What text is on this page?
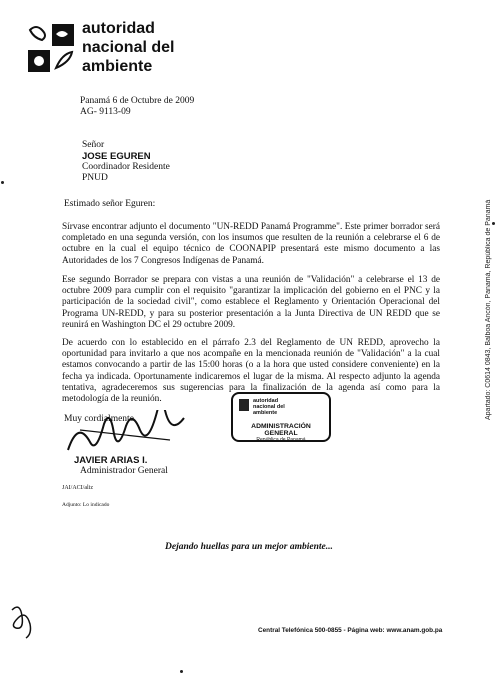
autoridad
nacional del
ambiente
Apartado: C0614 0843, Balboa Ancón, Panamá, República de Panamá
Panamá 6 de Octubre de 2009
AG- 9113-09
Señor
JOSE EGUREN
Coordinador Residente
PNUD
Estimado señor Eguren:
Sírvase encontrar adjunto el documento "UN-REDD Panamá Programme". Este primer borrador será completado en una segunda versión, con los insumos que resulten de la reunión a celebrarse el 6 de octubre en la cual el equipo técnico de COONAPIP presentará este mismo documento a las Autoridades de los 7 Congresos Indígenas de Panamá.
Ese segundo Borrador se prepara con vistas a una reunión de "Validación" a celebrarse el 13 de octubre 2009 para cumplir con el requisito "garantizar la implicación del gobierno en el PNC y la participación de la sociedad civil", como establece el Reglamento y Orientación Operacional del Programa UN-REDD, y para su posterior presentación a la Junta Directiva de UN REDD que se reunirá en Washington DC el 29 octubre 2009.
De acuerdo con lo establecido en el párrafo 2.3 del Reglamento de UN REDD, aprovecho la oportunidad para invitarlo a que nos acompañe en la mencionada reunión de "Validación" a la cual estamos convocando a partir de las 15:00 horas (o a la hora que usted considere conveniente) en la fecha ya indicada. Oportunamente indicaremos el lugar de la misma. Al respecto adjunto la agenda tentativa, agradeceremos sus sugerencias para la finalización de la agenda así como para la metodología de la reunión.
Muy cordialmente
JAVIER ARIAS I.
Administrador General
JAI/ACI/aliz
Adjunto: Lo indicado
autoridad
nacional del
ambiente
ADMINISTRACIÓN GENERAL
República de Panamá
Dejando huellas para un mejor ambiente...
Central Telefónica 500-0855 - Página web: www.anam.gob.pa
